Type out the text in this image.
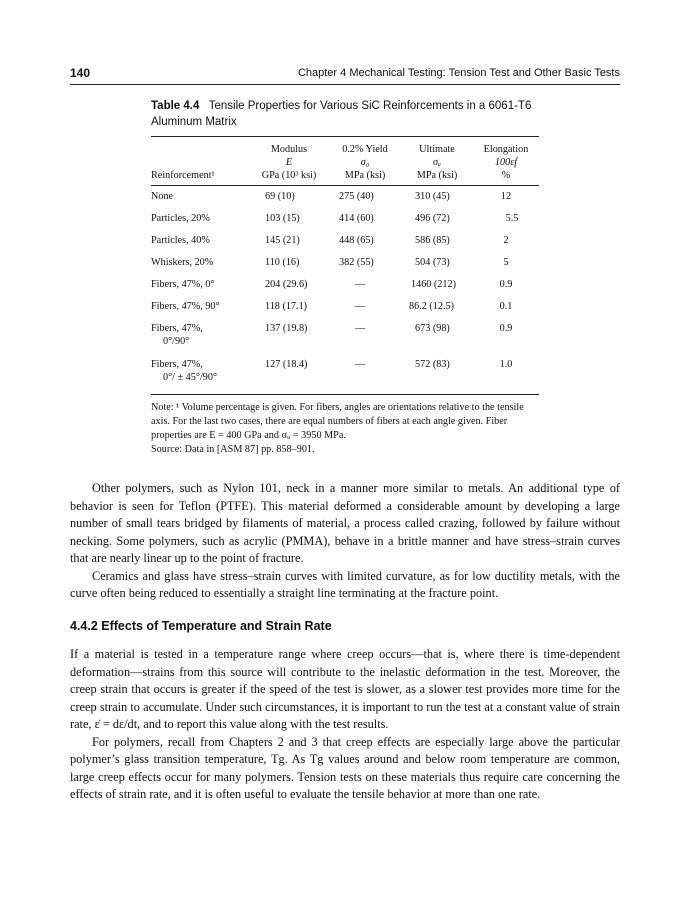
140	Chapter 4 Mechanical Testing: Tension Test and Other Basic Tests
Table 4.4 Tensile Properties for Various SiC Reinforcements in a 6061-T6 Aluminum Matrix

Reinforcement¹	Modulus	0.2% Yield	Ultimate	Elongation
	E	σ₀	σᵤ	100εf
	GPa (10³ ksi)	MPa (ksi)	MPa (ksi)	%

None	69 (10)	275 (40)	310 (45)	12
Particles, 20%	103 (15)	414 (60)	496 (72)	5.5
Particles, 40%	145 (21)	448 (65)	586 (85)	2
Whiskers, 20%	110 (16)	382 (55)	504 (73)	5
Fibers, 47%, 0°	204 (29.6)	—	1460 (212)	0.9
Fibers, 47%, 90°	118 (17.1)	—	86.2 (12.5)	0.1
Fibers, 47%,
0°/90°	137 (19.8)	—	673 (98)	0.9
Fibers, 47%,
0°/ ± 45°/90°	127 (18.4)	—	572 (83)	1.0
Note: ¹ Volume percentage is given. For fibers, angles are orientations relative to the tensile axis. For the last two cases, there are equal numbers of fibers at each angle given. Fiber properties are E = 400 GPa and σᵤ = 3950 MPa.
Source: Data in [ASM 87] pp. 858–901.

Other polymers, such as Nylon 101, neck in a manner more similar to metals. An additional type of behavior is seen for Teflon (PTFE). This material deformed a considerable amount by developing a large number of small tears bridged by filaments of material, a process called crazing, followed by failure without necking. Some polymers, such as acrylic (PMMA), behave in a brittle manner and have stress–strain curves that are nearly linear up to the point of fracture.

Ceramics and glass have stress–strain curves with limited curvature, as for low ductility metals, with the curve often being reduced to essentially a straight line terminating at the fracture point.

4.4.2 Effects of Temperature and Strain Rate

If a material is tested in a temperature range where creep occurs—that is, where there is time-dependent deformation—strains from this source will contribute to the inelastic deformation in the test. Moreover, the creep strain that occurs is greater if the speed of the test is slower, as a slower test provides more time for the creep strain to accumulate. Under such circumstances, it is important to run the test at a constant value of strain rate, ε̇ = dε/dt, and to report this value along with the test results.

For polymers, recall from Chapters 2 and 3 that creep effects are especially large above the particular polymer’s glass transition temperature, Tg. As Tg values around and below room temperature are common, large creep effects occur for many polymers. Tension tests on these materials thus require care concerning the effects of strain rate, and it is often useful to evaluate the tensile behavior at more than one rate.
